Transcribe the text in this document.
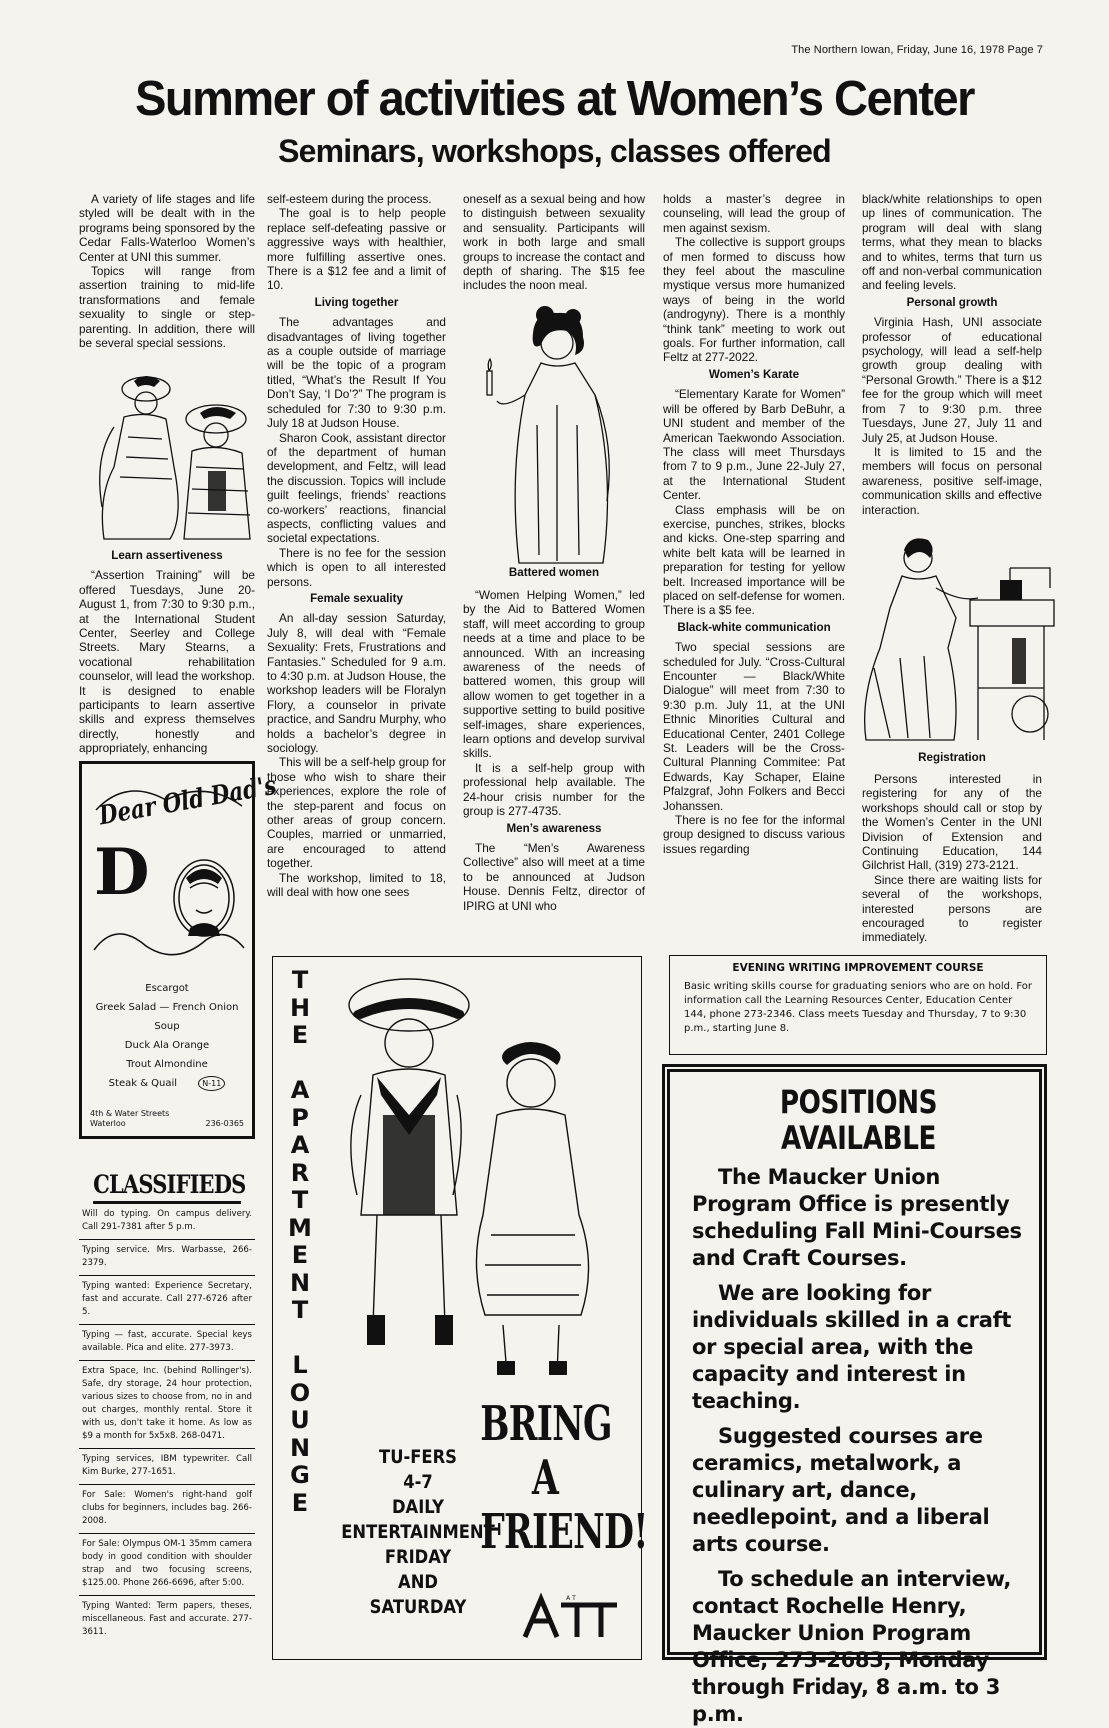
The Northern Iowan, Friday, June 16, 1978 Page 7
Summer of activities at Women’s Center
Seminars, workshops, classes offered

A variety of life stages and life styled will be dealt with in the programs being sponsored by the Cedar Falls-Waterloo Women’s Center at UNI this summer.

Topics will range from assertion training to mid-life transformations and female sexuality to single or step-parenting. In addition, there will be several special sessions.

Learn assertiveness

“Assertion Training” will be offered Tuesdays, June 20-August 1, from 7:30 to 9:30 p.m., at the International Student Center, Seerley and College Streets. Mary Stearns, a vocational rehabilitation counselor, will lead the workshop. It is designed to enable participants to learn assertive skills and express themselves directly, honestly and appropriately, enhancing

self-esteem during the process.

The goal is to help people replace self-defeating passive or aggressive ways with healthier, more fulfilling assertive ones. There is a $12 fee and a limit of 10.

Living together

The advantages and disadvantages of living together as a couple outside of marriage will be the topic of a program titled, “What’s the Result If You Don’t Say, ‘I Do’?” The program is scheduled for 7:30 to 9:30 p.m. July 18 at Judson House.

Sharon Cook, assistant director of the department of human development, and Feltz, will lead the discussion. Topics will include guilt feelings, friends’ reactions co-workers’ reactions, financial aspects, conflicting values and societal expectations.

There is no fee for the session which is open to all interested persons.

Female sexuality

An all-day session Saturday, July 8, will deal with “Female Sexuality: Frets, Frustrations and Fantasies.” Scheduled for 9 a.m. to 4:30 p.m. at Judson House, the workshop leaders will be Floralyn Flory, a counselor in private practice, and Sandru Murphy, who holds a bachelor’s degree in sociology.

This will be a self-help group for those who wish to share their experiences, explore the role of the step-parent and focus on other areas of group concern. Couples, married or unmarried, are encouraged to attend together.

The workshop, limited to 18, will deal with how one sees

oneself as a sexual being and how to distinguish between sexuality and sensuality. Participants will work in both large and small groups to increase the contact and depth of sharing. The $15 fee includes the noon meal.

Battered women

“Women Helping Women,” led by the Aid to Battered Women staff, will meet according to group needs at a time and place to be announced. With an increasing awareness of the needs of battered women, this group will allow women to get together in a supportive setting to build positive self-images, share experiences, learn options and develop survival skills.

It is a self-help group with professional help available. The 24-hour crisis number for the group is 277-4735.

Men’s awareness

The “Men’s Awareness Collective” also will meet at a time to be announced at Judson House. Dennis Feltz, director of IPIRG at UNI who

holds a master’s degree in counseling, will lead the group of men against sexism.

The collective is support groups of men formed to discuss how they feel about the masculine mystique versus more humanized ways of being in the world (androgyny). There is a monthly “think tank” meeting to work out goals. For further information, call Feltz at 277-2022.

Women’s Karate

“Elementary Karate for Women” will be offered by Barb DeBuhr, a UNI student and member of the American Taekwondo Association. The class will meet Thursdays from 7 to 9 p.m., June 22-July 27, at the International Student Center.

Class emphasis will be on exercise, punches, strikes, blocks and kicks. One-step sparring and white belt kata will be learned in preparation for testing for yellow belt. Increased importance will be placed on self-defense for women. There is a $5 fee.

Black-white communication

Two special sessions are scheduled for July. “Cross-Cultural Encounter — Black/White Dialogue” will meet from 7:30 to 9:30 p.m. July 11, at the UNI Ethnic Minorities Cultural and Educational Center, 2401 College St. Leaders will be the Cross-Cultural Planning Commitee: Pat Edwards, Kay Schaper, Elaine Pfalzgraf, John Folkers and Becci Johanssen.

There is no fee for the informal group designed to discuss various issues regarding

black/white relationships to open up lines of communication. The program will deal with slang terms, what they mean to blacks and to whites, terms that turn us off and non-verbal communication and feeling levels.

Personal growth

Virginia Hash, UNI associate professor of educational psychology, will lead a self-help growth group dealing with “Personal Growth.” There is a $12 fee for the group which will meet from 7 to 9:30 p.m. three Tuesdays, June 27, July 11 and July 25, at Judson House.

It is limited to 15 and the members will focus on personal awareness, positive self-image, communication skills and effective interaction.

Registration

Persons interested in registering for any of the workshops should call or stop by the Women’s Center in the UNI Division of Extension and Continuing Education, 144 Gilchrist Hall, (319) 273-2121.

Since there are waiting lists for several of the workshops, interested persons are encouraged to register immediately.

Dear Old Dad's
D
Escargot
Greek Salad — French Onion Soup
Duck Ala Orange
Trout Almondine
Steak & Quail	N-11
4th & Water Streets
Waterloo	236-0365
CLASSIFIEDS
Will do typing. On campus delivery. Call 291-7381 after 5 p.m.
Typing service. Mrs. Warbasse, 266-2379.
Typing wanted: Experience Secretary, fast and accurate. Call 277-6726 after 5.
Typing — fast, accurate. Special keys available. Pica and elite. 277-3973.
Extra Space, Inc. (behind Rollinger's). Safe, dry storage, 24 hour protection, various sizes to choose from, no in and out charges, monthly rental. Store it with us, don't take it home. As low as $9 a month for 5x5x8. 268-0471.
Typing services, IBM typewriter. Call Kim Burke, 277-1651.
For Sale: Women's right-hand golf clubs for beginners, includes bag. 266-2008.
For Sale: Olympus OM-1 35mm camera body in good condition with shoulder strap and two focusing screens, $125.00. Phone 266-6696, after 5:00.
Typing Wanted: Term papers, theses, miscellaneous. Fast and accurate. 277-3611.
T
H
E

A
P
A
R
T
M
E
N
T

L
O
U
N
G
E
TU-FERS
4-7
DAILY
ENTERTAINMENT
FRIDAY
AND
SATURDAY
BRING A
FRIEND!
A T
EVENING WRITING IMPROVEMENT COURSE
Basic writing skills course for graduating seniors who are on hold. For information call the Learning Resources Center, Education Center 144, phone 273-2346. Class meets Tuesday and Thursday, 7 to 9:30 p.m., starting June 8.
POSITIONS
AVAILABLE
The Maucker Union Program Office is presently scheduling Fall Mini-Courses and Craft Courses.
We are looking for individuals skilled in a craft or special area, with the capacity and interest in teaching.
Suggested courses are ceramics, metalwork, a culinary art, dance, needlepoint, and a liberal arts course.
To schedule an interview, contact Rochelle Henry, Maucker Union Program Office, 273-2683, Monday through Friday, 8 a.m. to 3 p.m.
